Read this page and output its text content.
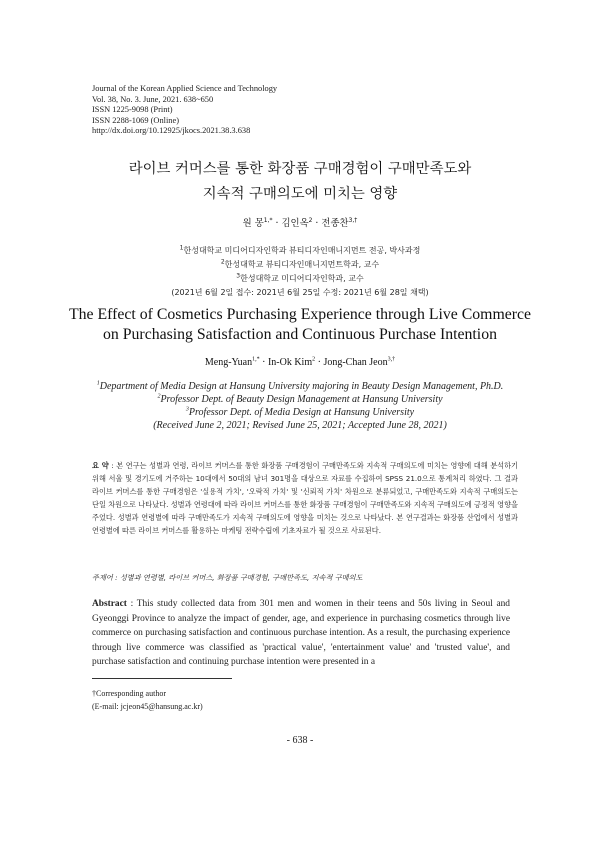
Journal of the Korean Applied Science and Technology
Vol. 38, No. 3. June, 2021. 638~650
ISSN 1225-9098 (Print)
ISSN 2288-1069 (Online)
http://dx.doi.org/10.12925/jkocs.2021.38.3.638
라이브 커머스를 통한 화장품 구매경험이 구매만족도와
지속적 구매의도에 미치는 영향
원 몽$^{1,*}$ · 김인옥$^2$ · 전종찬$^{3,\dagger}$
$^1$한성대학교 미디어디자인학과 뷰티디자인매니지먼트 전공, 박사과정
$^2$한성대학교 뷰티디자인매니지먼트학과, 교수
$^3$한성대학교 미디어디자인학과, 교수
(2021년 6월 2일 접수: 2021년 6월 25일 수정: 2021년 6월 28일 채택)
The Effect of Cosmetics Purchasing Experience through Live Commerce
on Purchasing Satisfaction and Continuous Purchase Intention
Meng-Yuan$^{1,*}$ · In-Ok Kim$^2$ · Jong-Chan Jeon$^{3,\dagger}$
$^1$Department of Media Design at Hansung University majoring in Beauty Design Management, Ph.D.
$^2$Professor Dept. of Beauty Design Management at Hansung University
$^3$Professor Dept. of Media Design at Hansung University
(Received June 2, 2021; Revised June 25, 2021; Accepted June 28, 2021)
요 약 : 본 연구는 성별과 연령, 라이브 커머스를 통한 화장품 구매경험이 구매만족도와 지속적 구매의도에 미치는 영향에 대해 분석하기 위해 서울 및 경기도에 거주하는 10대에서 50대의 남녀 301명을 대상으로 자료를 수집하여 SPSS 21.0으로 통계처리 하였다. 그 결과 라이브 커머스를 통한 구매경험은 '실용적 가치', '오락적 가치' 및 '신뢰적 가치' 차원으로 분류되었고, 구매만족도와 지속적 구매의도는 단일 차원으로 나타났다. 성별과 연령대에 따라 라이브 커머스를 통한 화장품 구매경험이 구매만족도와 지속적 구매의도에 긍정적 영향을 주었다. 성별과 연령별에 따라 구매만족도가 지속적 구매의도에 영향을 미치는 것으로 나타났다. 본 연구결과는 화장품 산업에서 성별과 연령별에 따른 라이브 커머스를 활용하는 마케팅 전략수립에 기초자료가 될 것으로 사료된다.
주제어 : 성별과 연령별, 라이브 커머스, 화장품 구매경험, 구매만족도, 지속적 구매의도
Abstract : This study collected data from 301 men and women in their teens and 50s living in Seoul and Gyeonggi Province to analyze the impact of gender, age, and experience in purchasing cosmetics through live commerce on purchasing satisfaction and continuous purchase intention. As a result, the purchasing experience through live commerce was classified as 'practical value', 'entertainment value' and 'trusted value', and purchase satisfaction and continuing purchase intention were presented in a
†Corresponding author
(E-mail: jcjeon45@hansung.ac.kr)
- 638 -
